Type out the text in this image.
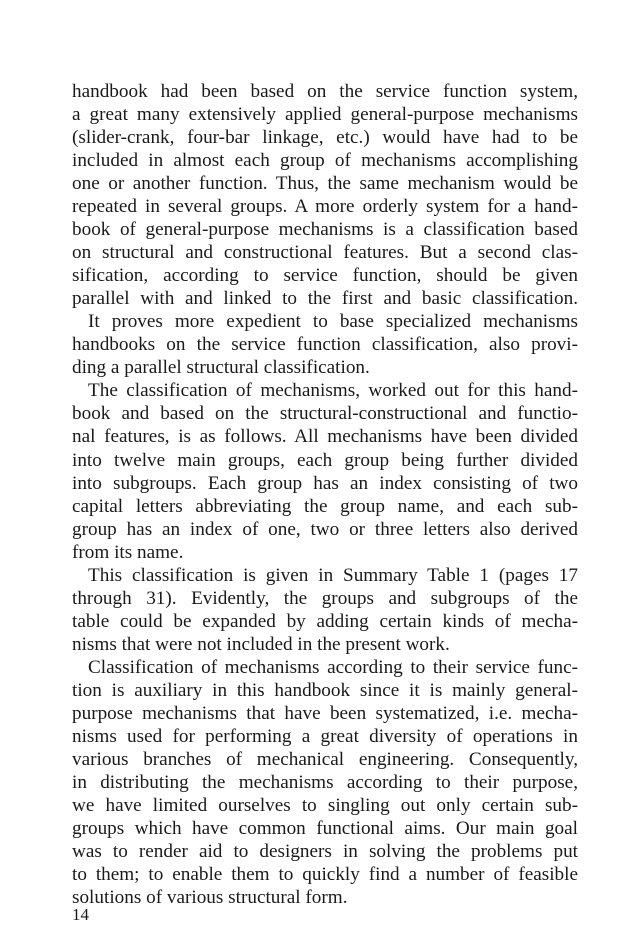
handbook had been based on the service function system,
a great many extensively applied general-purpose mechanisms
(slider-crank, four-bar linkage, etc.) would have had to be
included in almost each group of mechanisms accomplishing
one or another function. Thus, the same mechanism would be
repeated in several groups. A more orderly system for a hand-
book of general-purpose mechanisms is a classification based
on structural and constructional features. But a second clas-
sification, according to service function, should be given
parallel with and linked to the first and basic classification.
It proves more expedient to base specialized mechanisms
handbooks on the service function classification, also provi-
ding a parallel structural classification.
The classification of mechanisms, worked out for this hand-
book and based on the structural-constructional and functio-
nal features, is as follows. All mechanisms have been divided
into twelve main groups, each group being further divided
into subgroups. Each group has an index consisting of two
capital letters abbreviating the group name, and each sub-
group has an index of one, two or three letters also derived
from its name.
This classification is given in Summary Table 1 (pages 17
through 31). Evidently, the groups and subgroups of the
table could be expanded by adding certain kinds of mecha-
nisms that were not included in the present work.
Classification of mechanisms according to their service func-
tion is auxiliary in this handbook since it is mainly general-
purpose mechanisms that have been systematized, i.e. mecha-
nisms used for performing a great diversity of operations in
various branches of mechanical engineering. Consequently,
in distributing the mechanisms according to their purpose,
we have limited ourselves to singling out only certain sub-
groups which have common functional aims. Our main goal
was to render aid to designers in solving the problems put
to them; to enable them to quickly find a number of feasible
solutions of various structural form.
14
